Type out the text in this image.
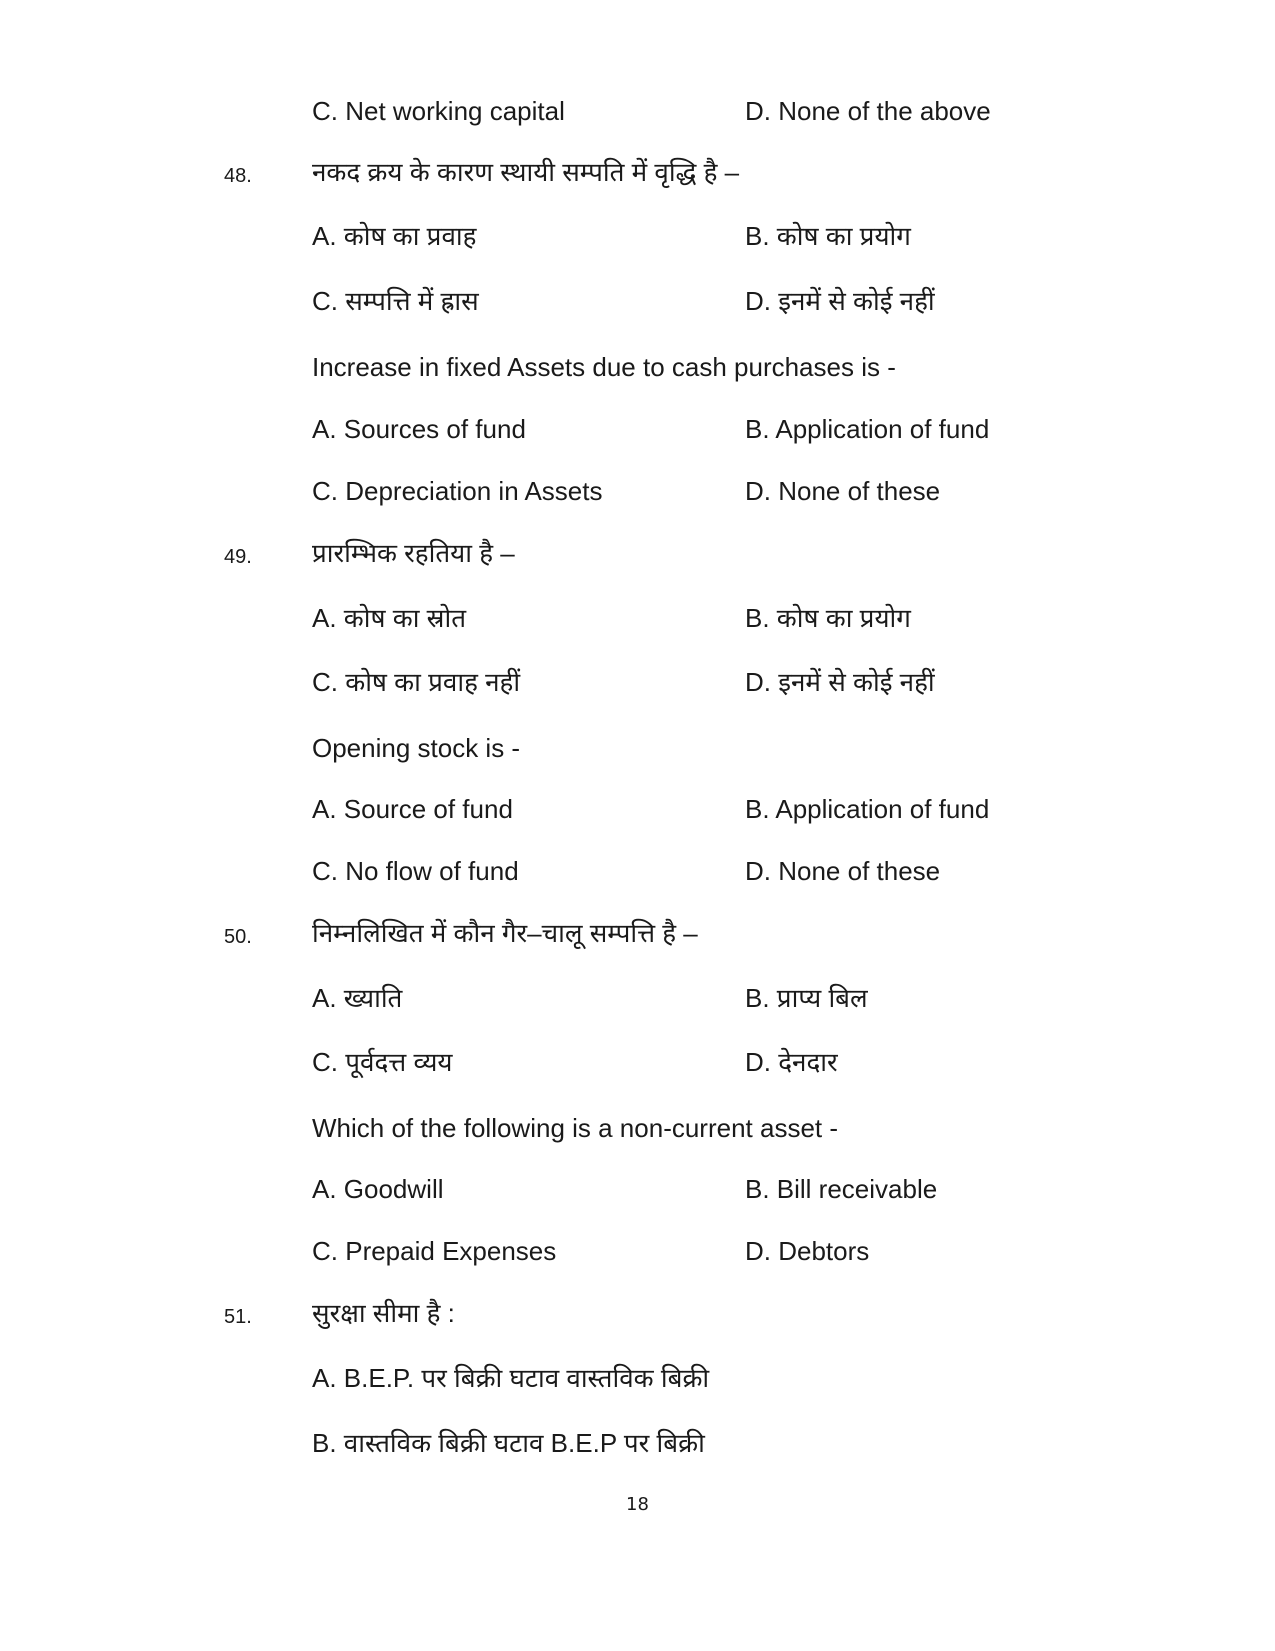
C. Net working capital	D. None of the above
48. नकद क्रय के कारण स्थायी सम्पति में वृद्धि है –
A. कोष का प्रवाह	B. कोष का प्रयोग
C. सम्पत्ति में ह्रास	D. इनमें से कोई नहीं
Increase in fixed Assets due to cash purchases is -
A. Sources of fund	B. Application of fund
C. Depreciation in Assets	D. None of these
49. प्रारम्भिक रहतिया है –
A. कोष का स्रोत	B. कोष का प्रयोग
C. कोष का प्रवाह नहीं	D. इनमें से कोई नहीं
Opening stock is -
A. Source of fund	B. Application of fund
C. No flow of fund	D. None of these
50. निम्नलिखित में कौन गैर–चालू सम्पत्ति है –
A. ख्याति	B. प्राप्य बिल
C. पूर्वदत्त व्यय	D. देनदार
Which of the following is a non-current asset -
A. Goodwill	B. Bill receivable
C. Prepaid Expenses	D. Debtors
51. सुरक्षा सीमा है :
A. B.E.P. पर बिक्री घटाव वास्तविक बिक्री
B. वास्तविक बिक्री घटाव B.E.P पर बिक्री
18
